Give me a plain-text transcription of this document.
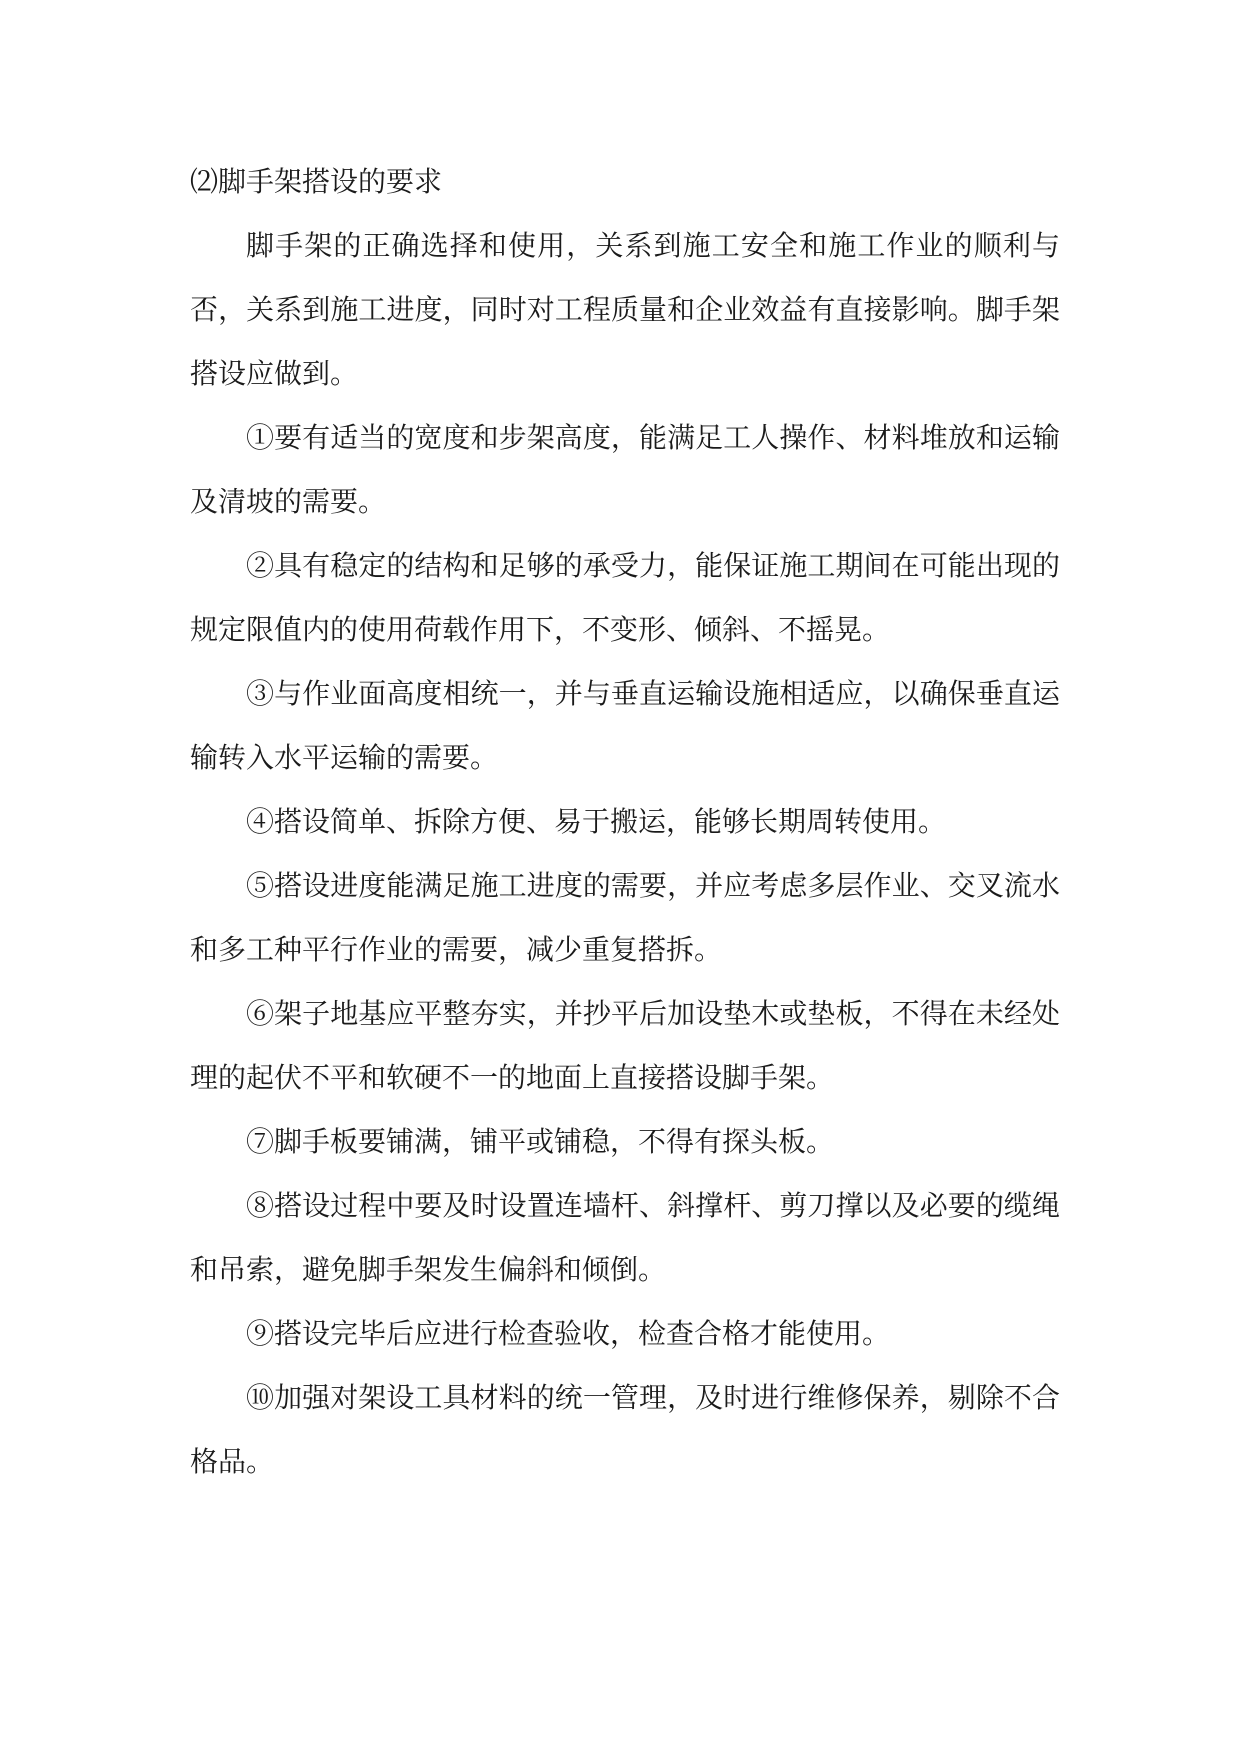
⑵脚手架搭设的要求

脚手架的正确选择和使用，关系到施工安全和施工作业的顺利与否，关系到施工进度，同时对工程质量和企业效益有直接影响。脚手架搭设应做到。

①要有适当的宽度和步架高度，能满足工人操作、材料堆放和运输及清坡的需要。

②具有稳定的结构和足够的承受力，能保证施工期间在可能出现的规定限值内的使用荷载作用下，不变形、倾斜、不摇晃。

③与作业面高度相统一，并与垂直运输设施相适应，以确保垂直运输转入水平运输的需要。

④搭设简单、拆除方便、易于搬运，能够长期周转使用。

⑤搭设进度能满足施工进度的需要，并应考虑多层作业、交叉流水和多工种平行作业的需要，减少重复搭拆。

⑥架子地基应平整夯实，并抄平后加设垫木或垫板，不得在未经处理的起伏不平和软硬不一的地面上直接搭设脚手架。

⑦脚手板要铺满，铺平或铺稳，不得有探头板。

⑧搭设过程中要及时设置连墙杆、斜撑杆、剪刀撑以及必要的缆绳和吊索，避免脚手架发生偏斜和倾倒。

⑨搭设完毕后应进行检查验收，检查合格才能使用。

⑩加强对架设工具材料的统一管理，及时进行维修保养，剔除不合格品。
